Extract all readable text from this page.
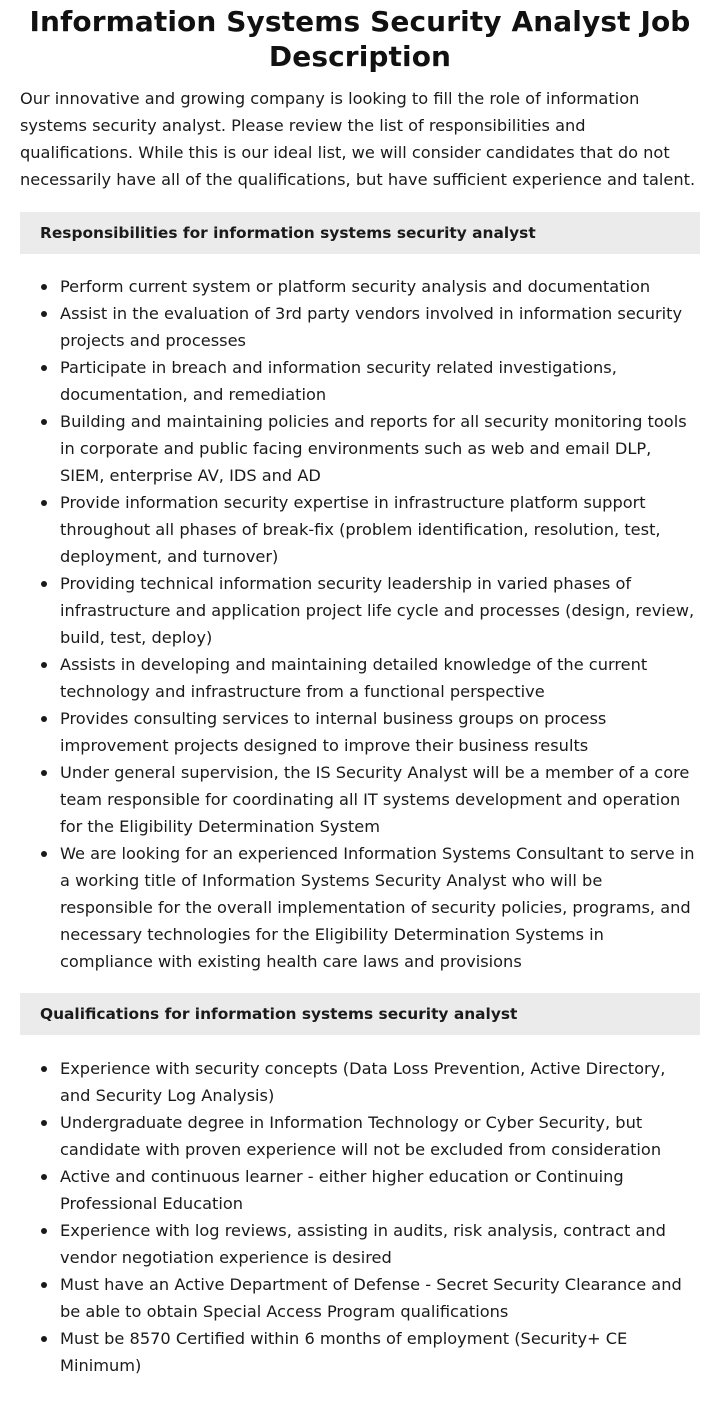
Information Systems Security Analyst Job Description

Our innovative and growing company is looking to fill the role of information systems security analyst. Please review the list of responsibilities and qualifications. While this is our ideal list, we will consider candidates that do not necessarily have all of the qualifications, but have sufficient experience and talent.

Responsibilities for information systems security analyst
Perform current system or platform security analysis and documentation
Assist in the evaluation of 3rd party vendors involved in information security projects and processes
Participate in breach and information security related investigations, documentation, and remediation
Building and maintaining policies and reports for all security monitoring tools in corporate and public facing environments such as web and email DLP, SIEM, enterprise AV, IDS and AD
Provide information security expertise in infrastructure platform support throughout all phases of break-fix (problem identification, resolution, test, deployment, and turnover)
Providing technical information security leadership in varied phases of infrastructure and application project life cycle and processes (design, review, build, test, deploy)
Assists in developing and maintaining detailed knowledge of the current technology and infrastructure from a functional perspective
Provides consulting services to internal business groups on process improvement projects designed to improve their business results
Under general supervision, the IS Security Analyst will be a member of a core team responsible for coordinating all IT systems development and operation for the Eligibility Determination System
We are looking for an experienced Information Systems Consultant to serve in a working title of Information Systems Security Analyst who will be responsible for the overall implementation of security policies, programs, and necessary technologies for the Eligibility Determination Systems in compliance with existing health care laws and provisions
Qualifications for information systems security analyst
Experience with security concepts (Data Loss Prevention, Active Directory, and Security Log Analysis)
Undergraduate degree in Information Technology or Cyber Security, but candidate with proven experience will not be excluded from consideration
Active and continuous learner - either higher education or Continuing Professional Education
Experience with log reviews, assisting in audits, risk analysis, contract and vendor negotiation experience is desired
Must have an Active Department of Defense - Secret Security Clearance and be able to obtain Special Access Program qualifications
Must be 8570 Certified within 6 months of employment (Security+ CE Minimum)
